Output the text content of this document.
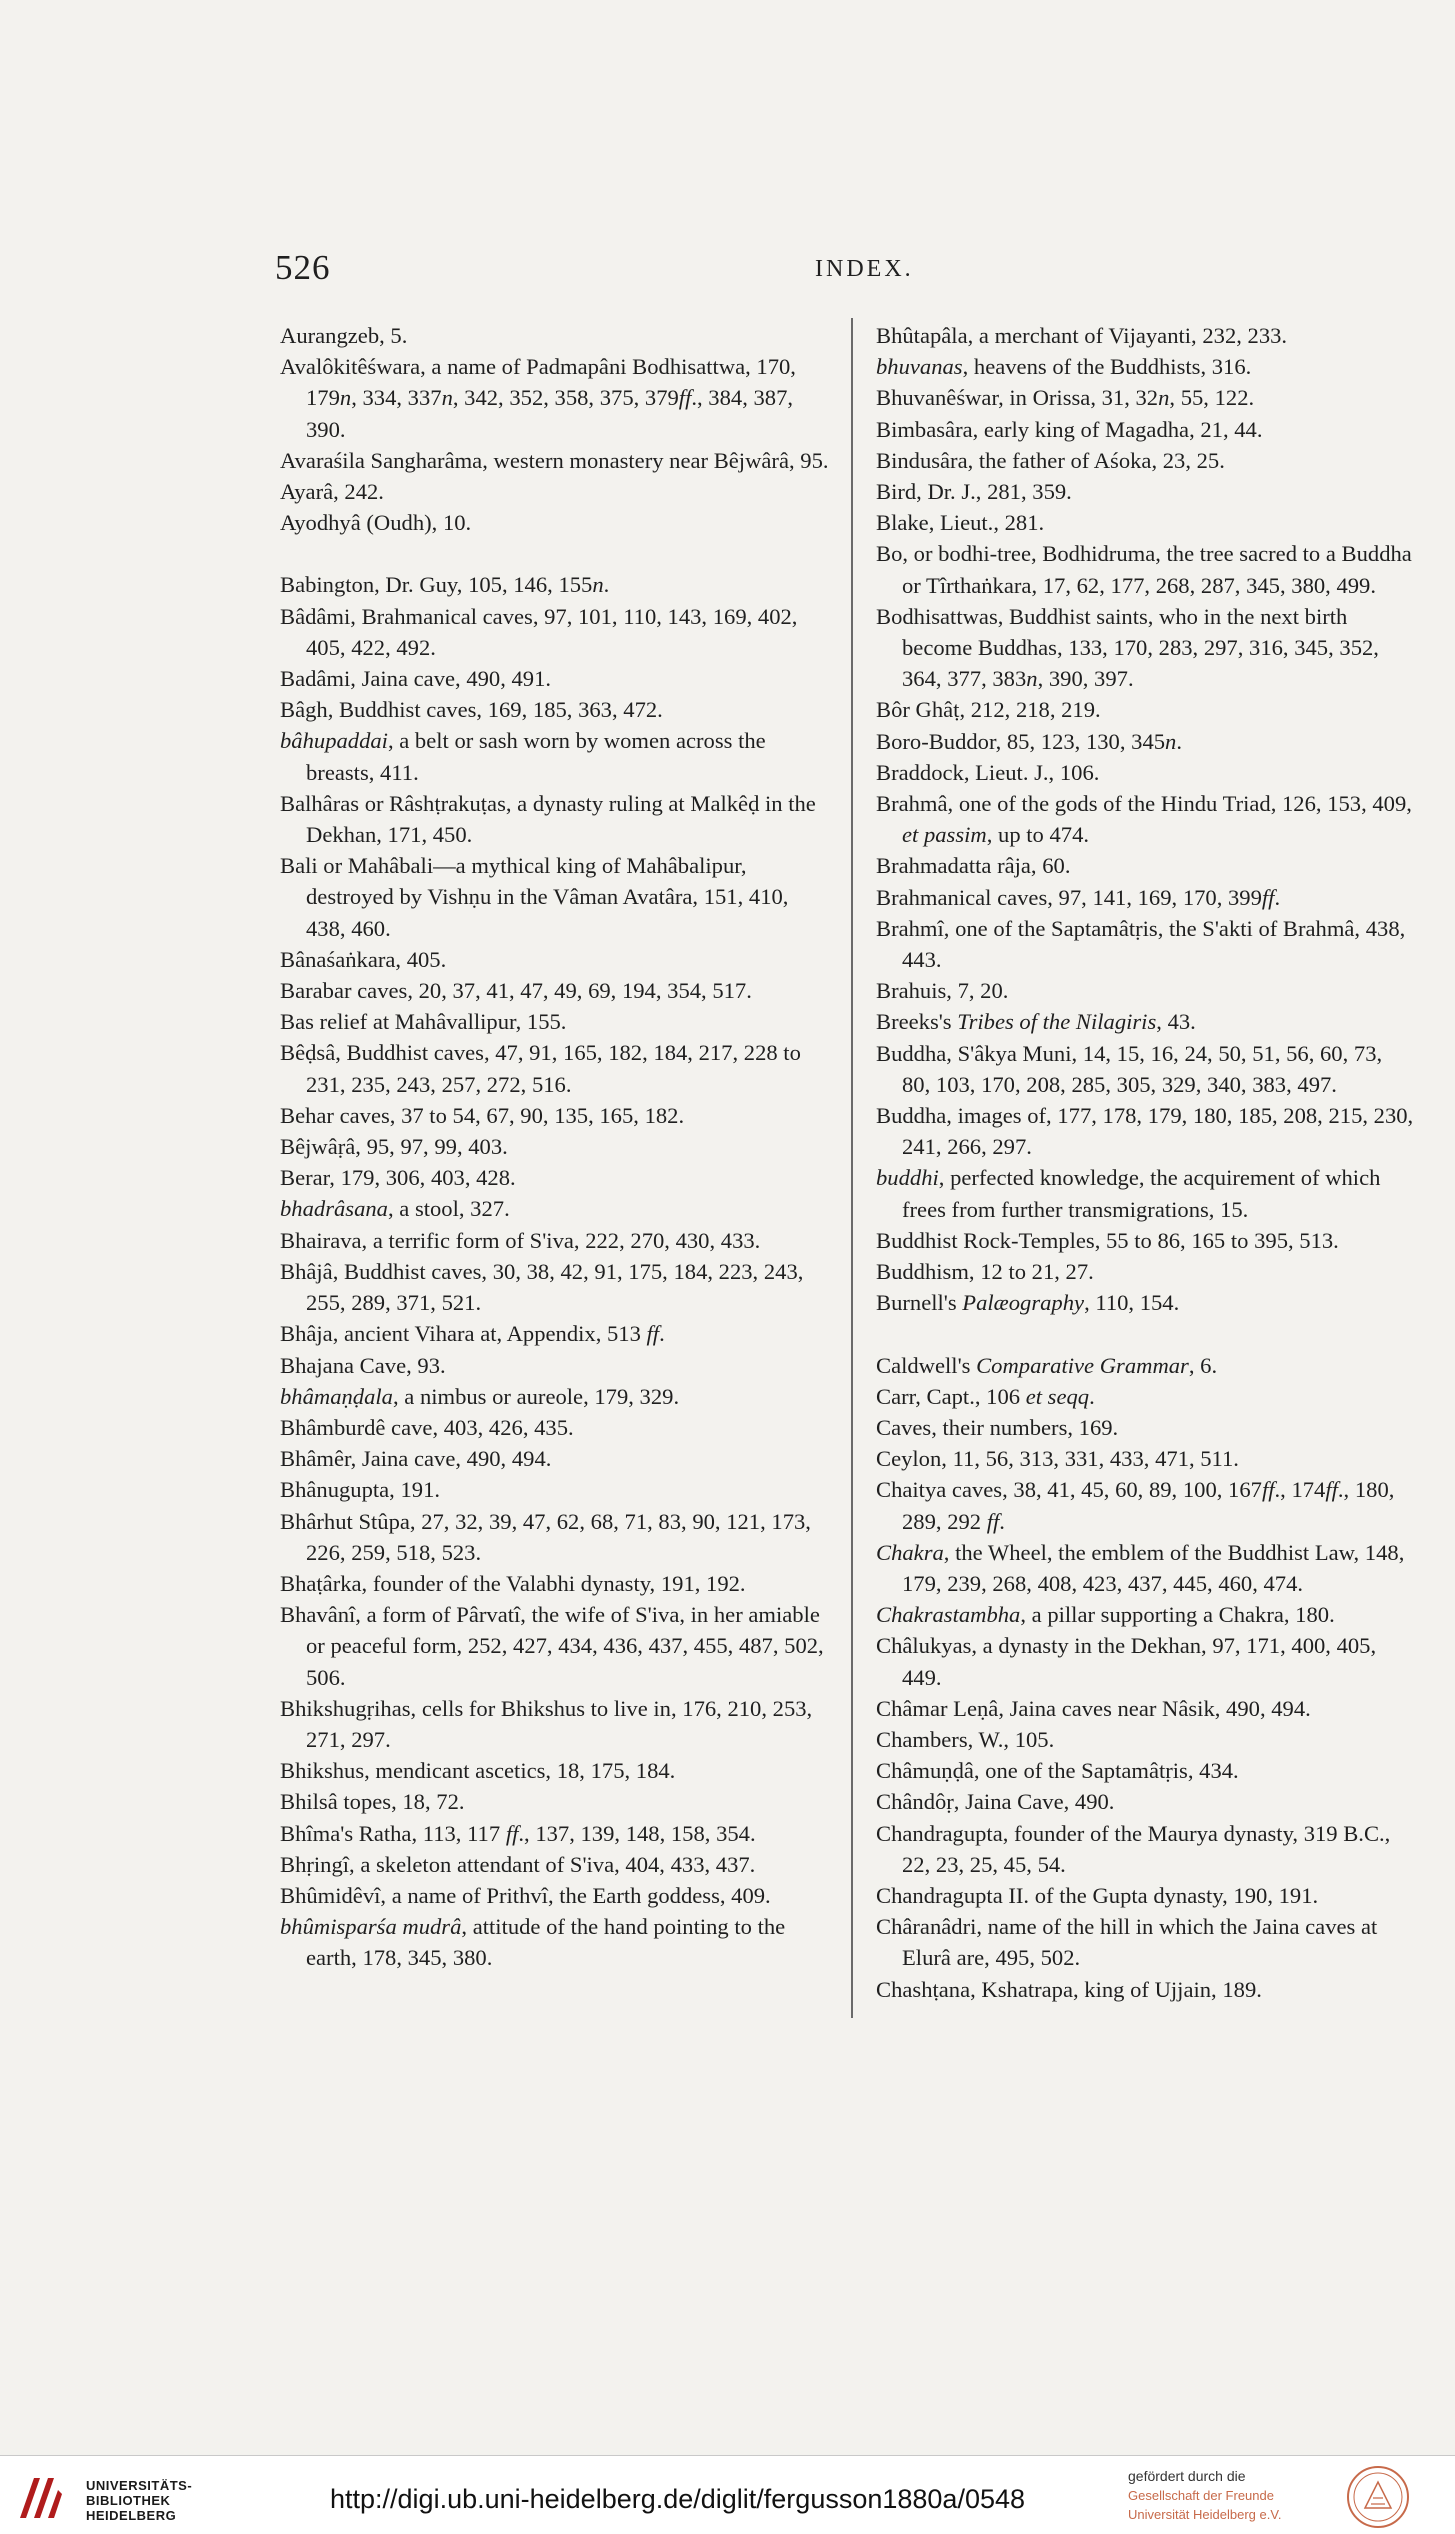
526	INDEX.

Aurangzeb, 5.

Avalôkitêśwara, a name of Padmapâni Bodhisattwa, 170, 179n, 334, 337n, 342, 352, 358, 375, 379ff., 384, 387, 390.

Avaraśila Sangharâma, western monastery near Bêjwârâ, 95.

Ayarâ, 242.

Ayodhyâ (Oudh), 10.

Babington, Dr. Guy, 105, 146, 155n.

Bâdâmi, Brahmanical caves, 97, 101, 110, 143, 169, 402, 405, 422, 492.

Badâmi, Jaina cave, 490, 491.

Bâgh, Buddhist caves, 169, 185, 363, 472.

bâhupaddai, a belt or sash worn by women across the breasts, 411.

Balhâras or Râshṭrakuṭas, a dynasty ruling at Malkêḍ in the Dekhan, 171, 450.

Bali or Mahâbali—a mythical king of Mahâbalipur, destroyed by Vishṇu in the Vâman Avatâra, 151, 410, 438, 460.

Bânaśaṅkara, 405.

Barabar caves, 20, 37, 41, 47, 49, 69, 194, 354, 517.

Bas relief at Mahâvallipur, 155.

Bêḍsâ, Buddhist caves, 47, 91, 165, 182, 184, 217, 228 to 231, 235, 243, 257, 272, 516.

Behar caves, 37 to 54, 67, 90, 135, 165, 182.

Bêjwâṛâ, 95, 97, 99, 403.

Berar, 179, 306, 403, 428.

bhadrâsana, a stool, 327.

Bhairava, a terrific form of S'iva, 222, 270, 430, 433.

Bhâjâ, Buddhist caves, 30, 38, 42, 91, 175, 184, 223, 243, 255, 289, 371, 521.

Bhâja, ancient Vihara at, Appendix, 513 ff.

Bhajana Cave, 93.

bhâmaṇḍala, a nimbus or aureole, 179, 329.

Bhâmburdê cave, 403, 426, 435.

Bhâmêr, Jaina cave, 490, 494.

Bhânugupta, 191.

Bhârhut Stûpa, 27, 32, 39, 47, 62, 68, 71, 83, 90, 121, 173, 226, 259, 518, 523.

Bhaṭârka, founder of the Valabhi dynasty, 191, 192.

Bhavânî, a form of Pârvatî, the wife of S'iva, in her amiable or peaceful form, 252, 427, 434, 436, 437, 455, 487, 502, 506.

Bhikshugṛihas, cells for Bhikshus to live in, 176, 210, 253, 271, 297.

Bhikshus, mendicant ascetics, 18, 175, 184.

Bhilsâ topes, 18, 72.

Bhîma's Ratha, 113, 117 ff., 137, 139, 148, 158, 354.

Bhṛingî, a skeleton attendant of S'iva, 404, 433, 437.

Bhûmidêvî, a name of Prithvî, the Earth goddess, 409.

bhûmisparśa mudrâ, attitude of the hand pointing to the earth, 178, 345, 380.

Bhûtapâla, a merchant of Vijayanti, 232, 233.

bhuvanas, heavens of the Buddhists, 316.

Bhuvanêśwar, in Orissa, 31, 32n, 55, 122.

Bimbasâra, early king of Magadha, 21, 44.

Bindusâra, the father of Aśoka, 23, 25.

Bird, Dr. J., 281, 359.

Blake, Lieut., 281.

Bo, or bodhi-tree, Bodhidruma, the tree sacred to a Buddha or Tîrthaṅkara, 17, 62, 177, 268, 287, 345, 380, 499.

Bodhisattwas, Buddhist saints, who in the next birth become Buddhas, 133, 170, 283, 297, 316, 345, 352, 364, 377, 383n, 390, 397.

Bôr Ghâṭ, 212, 218, 219.

Boro-Buddor, 85, 123, 130, 345n.

Braddock, Lieut. J., 106.

Brahmâ, one of the gods of the Hindu Triad, 126, 153, 409, et passim, up to 474.

Brahmadatta râja, 60.

Brahmanical caves, 97, 141, 169, 170, 399ff.

Brahmî, one of the Saptamâtṛis, the S'akti of Brahmâ, 438, 443.

Brahuis, 7, 20.

Breeks's Tribes of the Nilagiris, 43.

Buddha, S'âkya Muni, 14, 15, 16, 24, 50, 51, 56, 60, 73, 80, 103, 170, 208, 285, 305, 329, 340, 383, 497.

Buddha, images of, 177, 178, 179, 180, 185, 208, 215, 230, 241, 266, 297.

buddhi, perfected knowledge, the acquirement of which frees from further transmigrations, 15.

Buddhist Rock-Temples, 55 to 86, 165 to 395, 513.

Buddhism, 12 to 21, 27.

Burnell's Palæography, 110, 154.

Caldwell's Comparative Grammar, 6.

Carr, Capt., 106 et seqq.

Caves, their numbers, 169.

Ceylon, 11, 56, 313, 331, 433, 471, 511.

Chaitya caves, 38, 41, 45, 60, 89, 100, 167ff., 174ff., 180, 289, 292 ff.

Chakra, the Wheel, the emblem of the Buddhist Law, 148, 179, 239, 268, 408, 423, 437, 445, 460, 474.

Chakrastambha, a pillar supporting a Chakra, 180.

Châlukyas, a dynasty in the Dekhan, 97, 171, 400, 405, 449.

Châmar Leṇâ, Jaina caves near Nâsik, 490, 494.

Chambers, W., 105.

Châmuṇḍâ, one of the Saptamâtṛis, 434.

Chândôṛ, Jaina Cave, 490.

Chandragupta, founder of the Maurya dynasty, 319 B.C., 22, 23, 25, 45, 54.

Chandragupta II. of the Gupta dynasty, 190, 191.

Châranâdri, name of the hill in which the Jaina caves at Elurâ are, 495, 502.

Chashṭana, Kshatrapa, king of Ujjain, 189.

UNIVERSITÄTS-
BIBLIOTHEK
HEIDELBERG
http://digi.ub.uni-heidelberg.de/diglit/fergusson1880a/0548
gefördert durch die
Gesellschaft der Freunde
Universität Heidelberg e.V.
